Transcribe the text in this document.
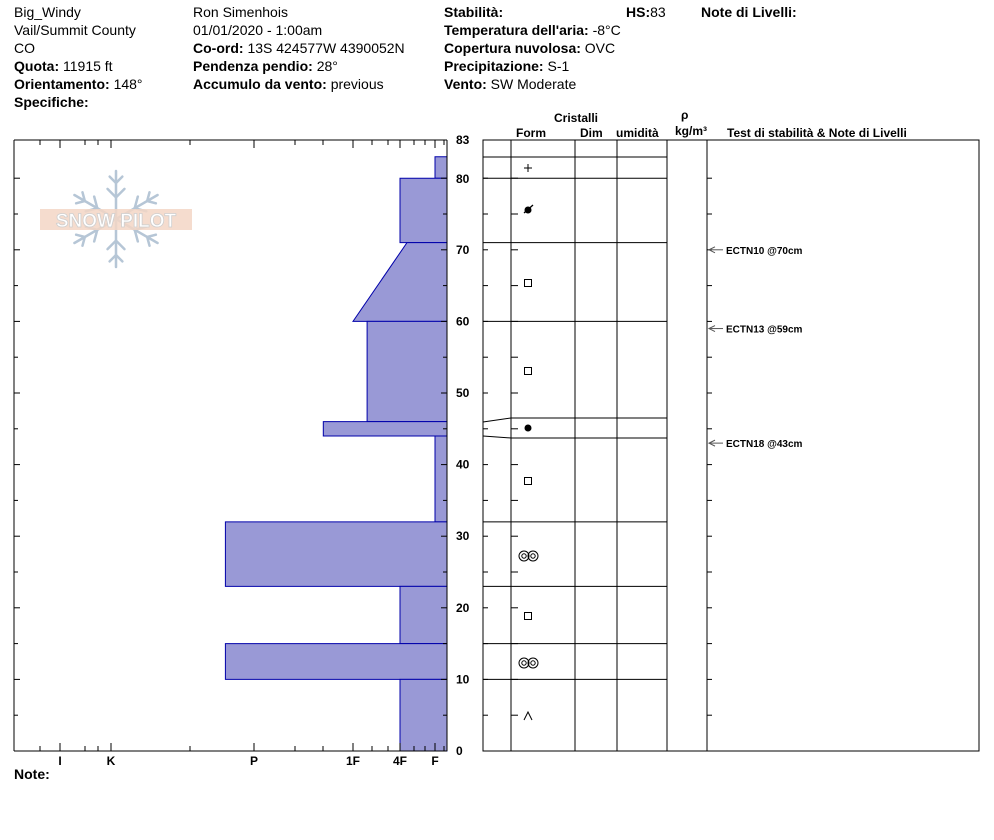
Big_Windy
Vail/Summit County
CO
Quota: 11915 ft
Orientamento: 148°
Specifiche:
Ron Simenhois
01/01/2020 - 1:00am
Co-ord: 13S 424577W 4390052N
Pendenza pendio: 28°
Accumulo da vento: previous
Stabilità:	HS:83
Temperatura dell'aria: -8°C
Copertura nuvolosa: OVC
Precipitazione: S-1
Vento: SW Moderate
Note di Livelli:
Cristalli	ρ
Form	Dim umidità kg/m³ Test di stabilità & Note di Livelli
Note:
SNOW PILOT
0
10
20
30
40
50
60
70
80
83
I	K	P	1F	4F F
ECTN10 @70cm
ECTN13 @59cm
ECTN18 @43cm
